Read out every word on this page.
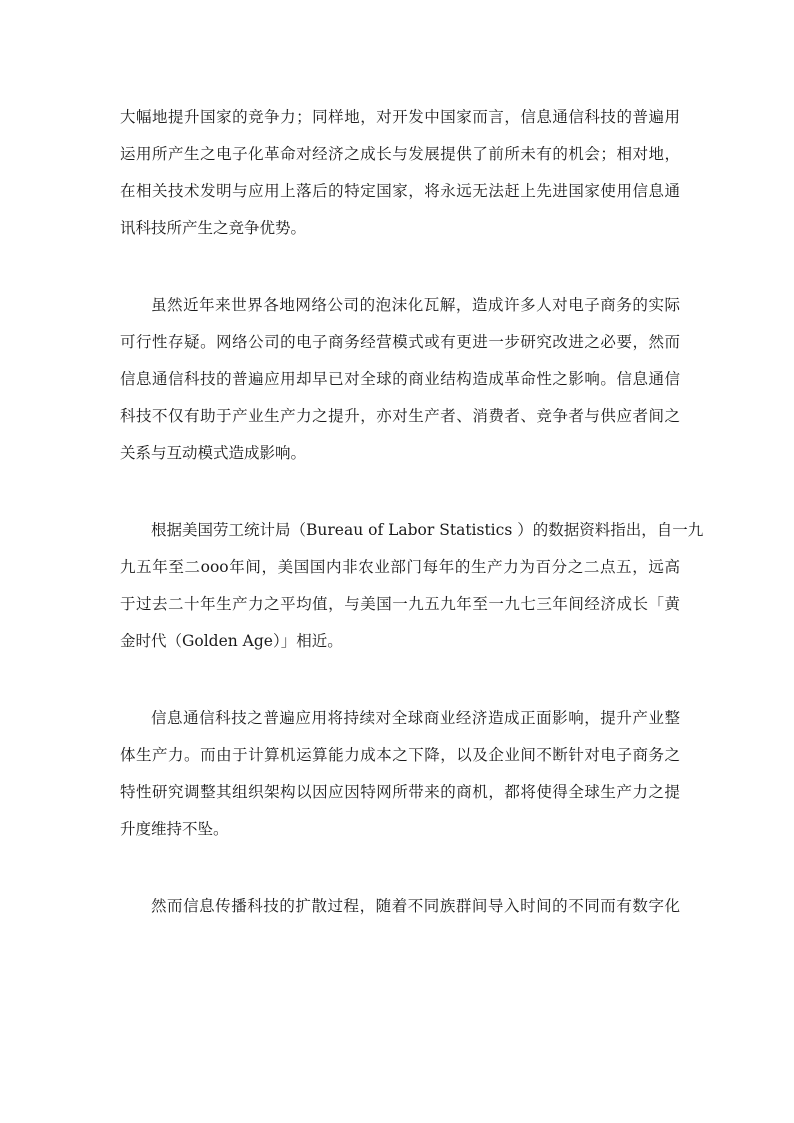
大幅地提升国家的竞争力；同样地，对开发中国家而言，信息通信科技的普遍用
运用所产生之电子化革命对经济之成长与发展提供了前所未有的机会；相对地，
在相关技术发明与应用上落后的特定国家，将永远无法赶上先进国家使用信息通
讯科技所产生之竞争优势。
虽然近年来世界各地网络公司的泡沫化瓦解，造成许多人对电子商务的实际
可行性存疑。网络公司的电子商务经营模式或有更进一步研究改进之必要，然而
信息通信科技的普遍应用却早已对全球的商业结构造成革命性之影响。信息通信
科技不仅有助于产业生产力之提升，亦对生产者、消费者、竞争者与供应者间之
关系与互动模式造成影响。
根据美国劳工统计局（Bureau of Labor Statistics ）的数据资料指出，自一九
九五年至二ooo年间，美国国内非农业部门每年的生产力为百分之二点五，远高
于过去二十年生产力之平均值，与美国一九五九年至一九七三年间经济成长「黄
金时代（Golden Age）」相近。
信息通信科技之普遍应用将持续对全球商业经济造成正面影响，提升产业整
体生产力。而由于计算机运算能力成本之下降，以及企业间不断针对电子商务之
特性研究调整其组织架构以因应因特网所带来的商机，都将使得全球生产力之提
升度维持不坠。
然而信息传播科技的扩散过程，随着不同族群间导入时间的不同而有数字化
